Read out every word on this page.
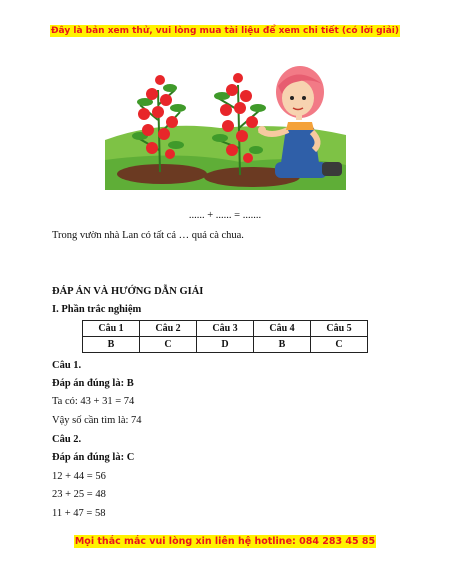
Đây là bản xem thử, vui lòng mua tài liệu để xem chi tiết (có lời giải)
...... + ...... = .......
Trong vườn nhà Lan có tất cả … quả cà chua.
ĐÁP ÁN VÀ HƯỚNG DẪN GIẢI
I. Phần trắc nghiệm
Câu 1	Câu 2	Câu 3	Câu 4	Câu 5
B	C	D	B	C
Câu 1.
Đáp án đúng là: B
Ta có: 43 + 31 = 74
Vậy số cần tìm là: 74
Câu 2.
Đáp án đúng là: C
12 + 44 = 56
23 + 25 = 48
11 + 47 = 58
Mọi thắc mắc vui lòng xin liên hệ hotline: 084 283 45 85
